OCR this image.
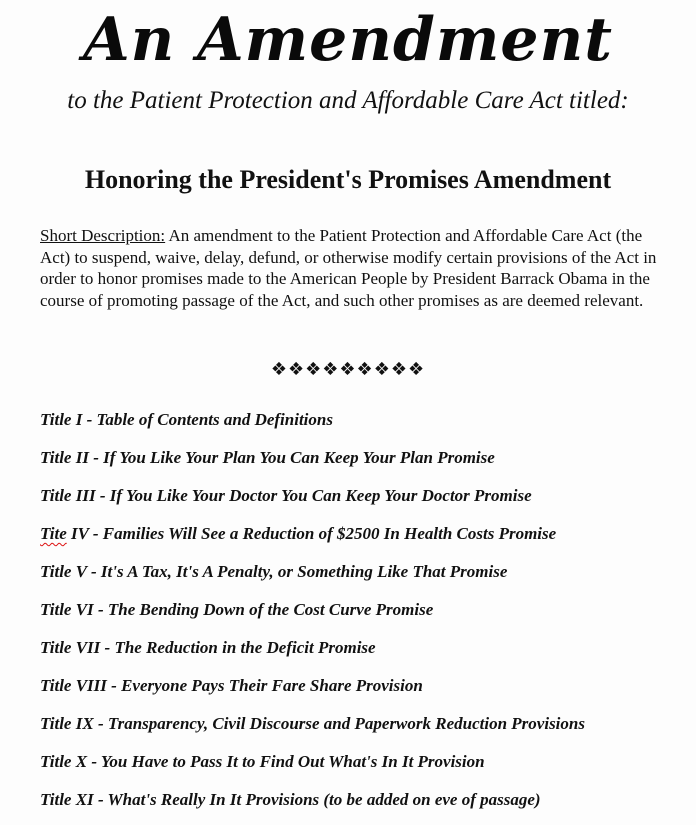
An Amendment
to the Patient Protection and Affordable Care Act titled:
Honoring the President's Promises Amendment
Short Description: An amendment to the Patient Protection and Affordable Care Act (the Act) to suspend, waive, delay, defund, or otherwise modify certain provisions of the Act in order to honor promises made to the American People by President Barrack Obama in the course of promoting passage of the Act, and such other promises as are deemed relevant.
❖❖❖❖❖❖❖❖❖
Title I - Table of Contents and Definitions
Title II - If You Like Your Plan You Can Keep Your Plan Promise
Title III - If You Like Your Doctor You Can Keep Your Doctor Promise
Tite IV - Families Will See a Reduction of $2500 In Health Costs Promise
Title V - It's A Tax, It's A Penalty, or Something Like That Promise
Title VI - The Bending Down of the Cost Curve Promise
Title VII - The Reduction in the Deficit Promise
Title VIII - Everyone Pays Their Fare Share Provision
Title IX - Transparency, Civil Discourse and Paperwork Reduction Provisions
Title X - You Have to Pass It to Find Out What's In It Provision
Title XI - What's Really In It Provisions (to be added on eve of passage)
